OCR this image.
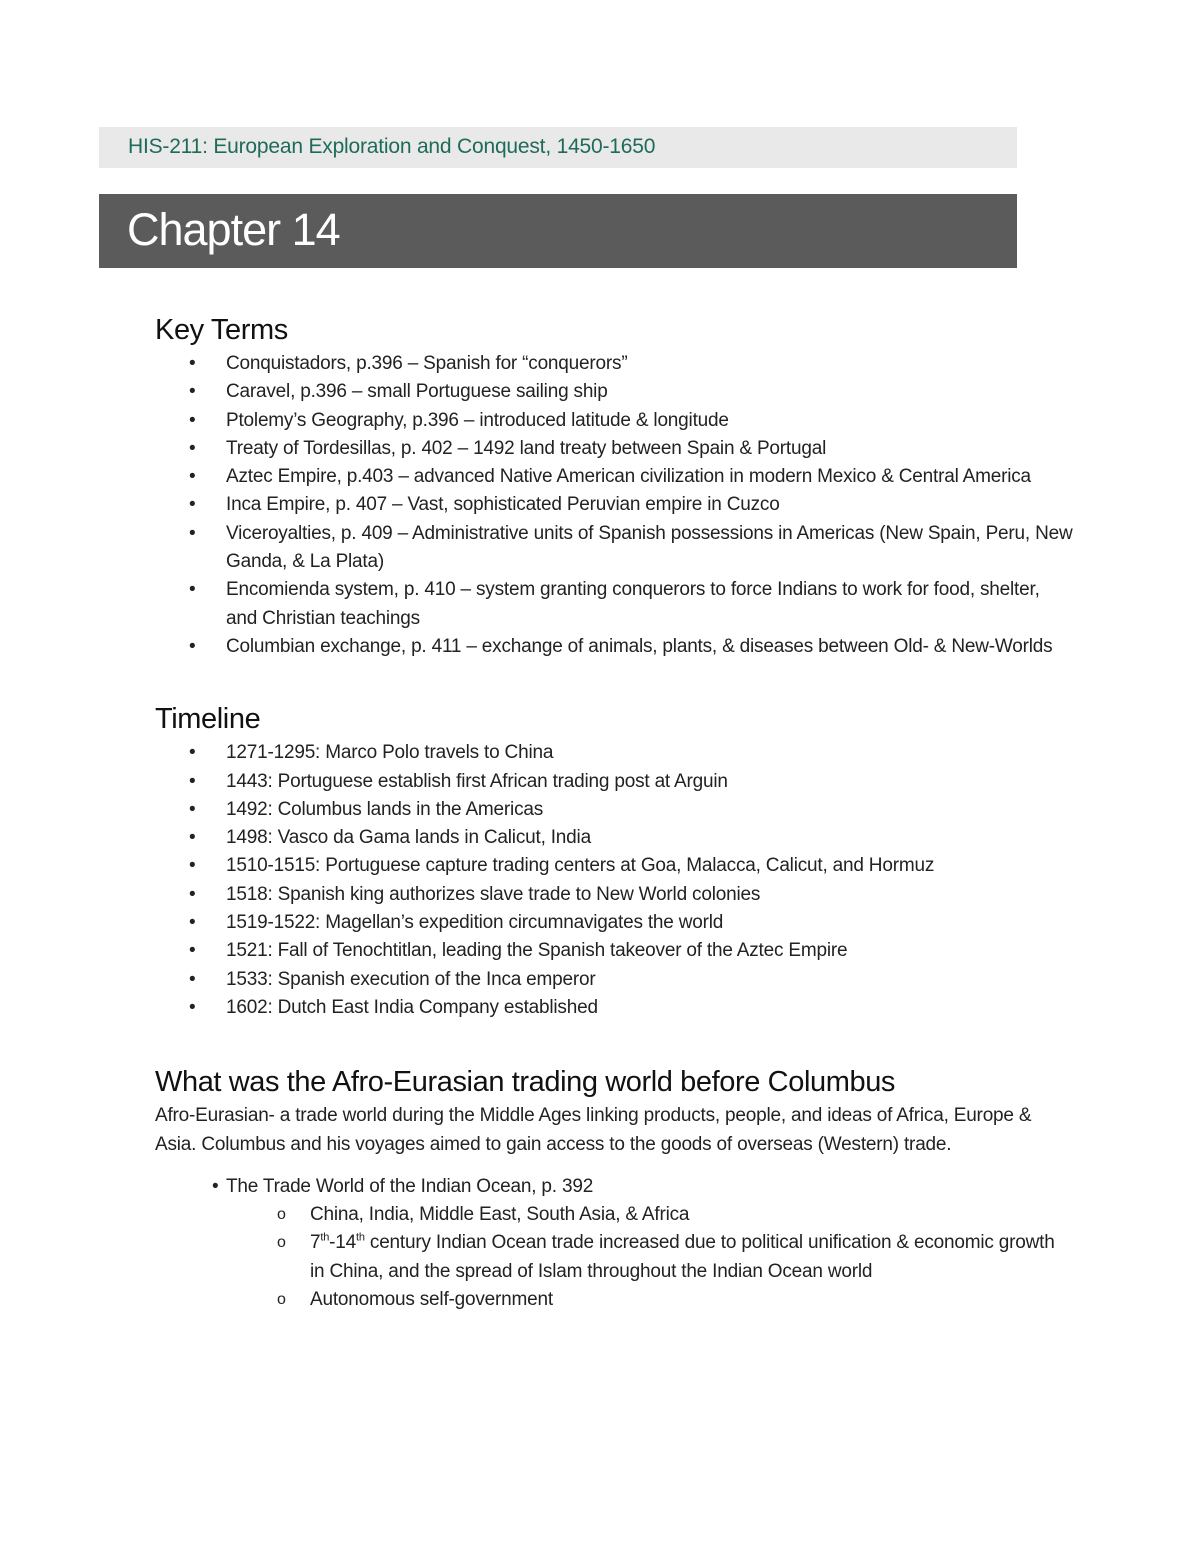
HIS-211: European Exploration and Conquest, 1450-1650
Chapter 14
Key Terms
• Conquistadors, p.396 – Spanish for “conquerors”
• Caravel, p.396 – small Portuguese sailing ship
• Ptolemy’s Geography, p.396 – introduced latitude & longitude
• Treaty of Tordesillas, p. 402 – 1492 land treaty between Spain & Portugal
• Aztec Empire, p.403 – advanced Native American civilization in modern Mexico & Central America
• Inca Empire, p. 407 – Vast, sophisticated Peruvian empire in Cuzco
• Viceroyalties, p. 409 – Administrative units of Spanish possessions in Americas (New Spain, Peru, New Ganda, & La Plata)
• Encomienda system, p. 410 – system granting conquerors to force Indians to work for food, shelter, and Christian teachings
• Columbian exchange, p. 411 – exchange of animals, plants, & diseases between Old- & New-Worlds
Timeline
• 1271-1295: Marco Polo travels to China
• 1443: Portuguese establish first African trading post at Arguin
• 1492: Columbus lands in the Americas
• 1498: Vasco da Gama lands in Calicut, India
• 1510-1515: Portuguese capture trading centers at Goa, Malacca, Calicut, and Hormuz
• 1518: Spanish king authorizes slave trade to New World colonies
• 1519-1522: Magellan’s expedition circumnavigates the world
• 1521: Fall of Tenochtitlan, leading the Spanish takeover of the Aztec Empire
• 1533: Spanish execution of the Inca emperor
• 1602: Dutch East India Company established
What was the Afro-Eurasian trading world before Columbus

Afro-Eurasian- a trade world during the Middle Ages linking products, people, and ideas of Africa, Europe & Asia. Columbus and his voyages aimed to gain access to the goods of overseas (Western) trade.

• The Trade World of the Indian Ocean, p. 392
o China, India, Middle East, South Asia, & Africa
o 7th-14th century Indian Ocean trade increased due to political unification & economic growth in China, and the spread of Islam throughout the Indian Ocean world
o Autonomous self-government
